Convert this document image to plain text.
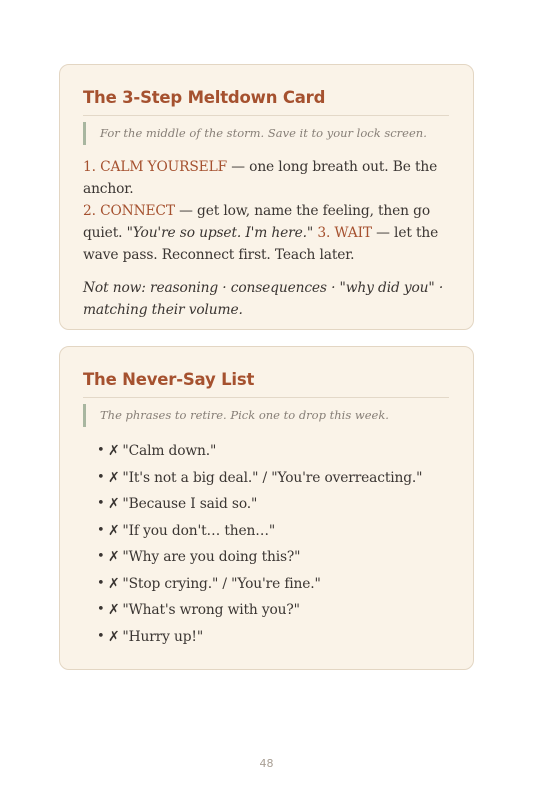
The 3-Step Meltdown Card
For the middle of the storm. Save it to your lock screen.

1. CALM YOURSELF — one long breath out. Be the anchor.
2. CONNECT — get low, name the feeling, then go quiet. "You're so upset. I'm here." 3. WAIT — let the wave pass. Reconnect first. Teach later.

Not now: reasoning · consequences · "why did you" · matching their volume.

The Never-Say List
The phrases to retire. Pick one to drop this week.
• ✗ "Calm down."
• ✗ "It's not a big deal." / "You're overreacting."
• ✗ "Because I said so."
• ✗ "If you don't… then…"
• ✗ "Why are you doing this?"
• ✗ "Stop crying." / "You're fine."
• ✗ "What's wrong with you?"
• ✗ "Hurry up!"
48
